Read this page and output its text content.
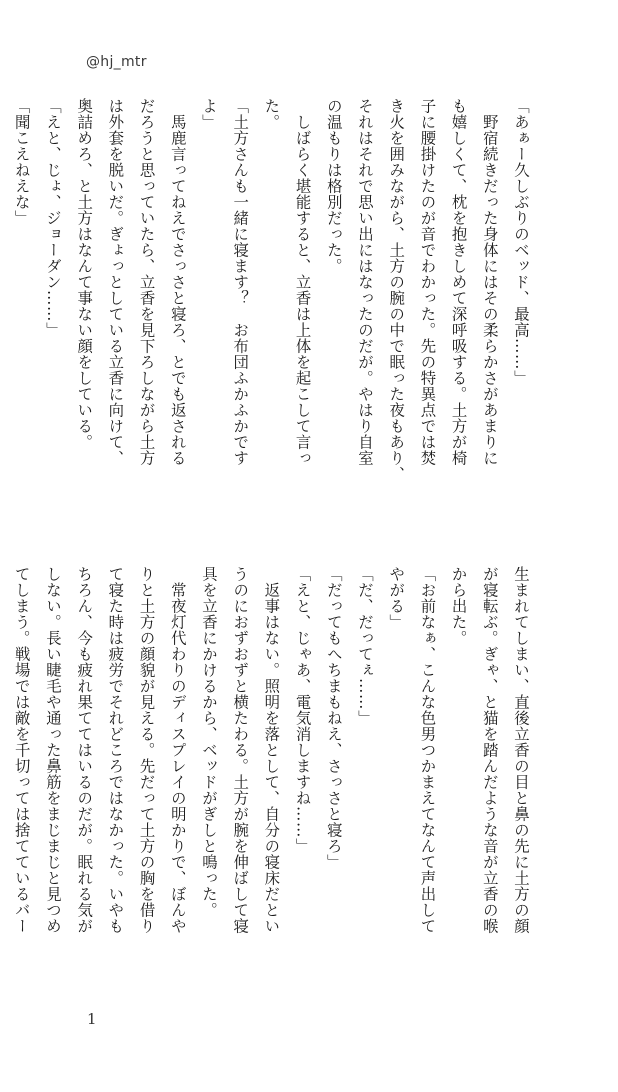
@hj_mtr
「あぁー久しぶりのベッド、最高……」
　野宿続きだった身体にはその柔らかさがあまりに
も嬉しくて、枕を抱きしめて深呼吸する。土方が椅
子に腰掛けたのが音でわかった。先の特異点では焚
き火を囲みながら、土方の腕の中で眠った夜もあり、
それはそれで思い出にはなったのだが。やはり自室
の温もりは格別だった。
　しばらく堪能すると、立香は上体を起こして言っ
た。
「土方さんも一緒に寝ます？　お布団ふかふかです
よ」
　馬鹿言ってねえでさっさと寝ろ、とでも返される
だろうと思っていたら、立香を見下ろしながら土方
は外套を脱いだ。ぎょっとしている立香に向けて、
奥詰めろ、と土方はなんて事ない顔をしている。
「えと、じょ、ジョーダン……」
「聞こえねえな」
生まれてしまい、直後立香の目と鼻の先に土方の顔
が寝転ぶ。ぎゃ、と猫を踏んだような音が立香の喉
から出た。
「お前なぁ、こんな色男つかまえてなんて声出して
やがる」
「だ、だってぇ……」
「だってもへちまもねえ、さっさと寝ろ」
「えと、じゃあ、電気消しますね……」
　返事はない。照明を落として、自分の寝床だとい
うのにおずおずと横たわる。土方が腕を伸ばして寝
具を立香にかけるから、ベッドがぎしと鳴った。
　常夜灯代わりのディスプレイの明かりで、ぼんや
りと土方の顔貌が見える。先だって土方の胸を借り
て寝た時は疲労でそれどころではなかった。いやも
ちろん、今も疲れ果ててはいるのだが。眠れる気が
しない。長い睫毛や通った鼻筋をまじまじと見つめ
てしまう。戦場では敵を千切っては捨てているバー
1
